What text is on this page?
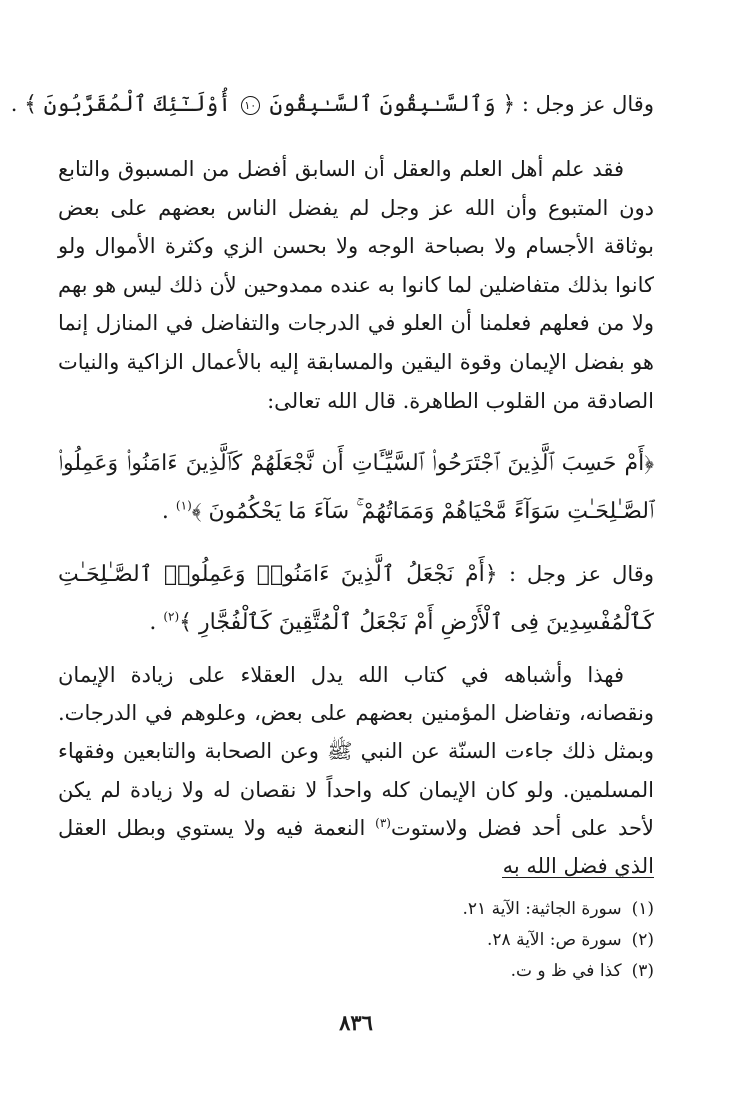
وقال عز وجل : ﴿ وَٱلسَّـٰبِقُونَ ٱلسَّـٰبِقُونَ ١٠ أُوْلَـٰٓئِكَ ٱلْمُقَرَّبُونَ ﴾ .

فقد علم أهل العلم والعقل أن السابق أفضل من المسبوق والتابع دون المتبوع وأن الله عز وجل لم يفضل الناس بعضهم على بعض بوثاقة الأجسام ولا بصباحة الوجه ولا بحسن الزي وكثرة الأموال ولو كانوا بذلك متفاضلين لما كانوا به عنده ممدوحين لأن ذلك ليس هو بهم ولا من فعلهم فعلمنا أن العلو في الدرجات والتفاضل في المنازل إنما هو بفضل الإيمان وقوة اليقين والمسابقة إليه بالأعمال الزاكية والنيات الصادقة من القلوب الطاهرة. قال الله تعالى:

﴿أَمْ حَسِبَ ٱلَّذِينَ ٱجْتَرَحُوا۟ ٱلسَّيِّـَٔاتِ أَن نَّجْعَلَهُمْ كَٱلَّذِينَ ءَامَنُوا۟ وَعَمِلُوا۟ ٱلصَّـٰلِحَـٰتِ سَوَآءً مَّحْيَاهُمْ وَمَمَاتُهُمْ ۚ سَآءَ مَا يَحْكُمُونَ ﴾$^{(١)}$ .
وقال عز وجل : ﴿أَمْ نَجْعَلُ ٱلَّذِينَ ءَامَنُوا۟ وَعَمِلُوا۟ ٱلصَّـٰلِحَـٰتِ كَٱلْمُفْسِدِينَ فِى ٱلْأَرْضِ أَمْ نَجْعَلُ ٱلْمُتَّقِينَ كَٱلْفُجَّارِ ﴾$^{(٢)}$ .

فهذا وأشباهه في كتاب الله يدل العقلاء على زيادة الإيمان ونقصانه، وتفاضل المؤمنين بعضهم على بعض، وعلوهم في الدرجات. وبمثل ذلك جاءت السنّة عن النبي ﷺ وعن الصحابة والتابعين وفقهاء المسلمين. ولو كان الإيمان كله واحداً لا نقصان له ولا زيادة لم يكن لأحد على أحد فضل ولاستوت$^{(٣)}$ النعمة فيه ولا يستوي وبطل العقل الذي فضل الله به

(١)سورة الجاثية: الآية ٢١.
(٢)سورة ص: الآية ٢٨.
(٣)كذا في ظ و ت.
٨٣٦
